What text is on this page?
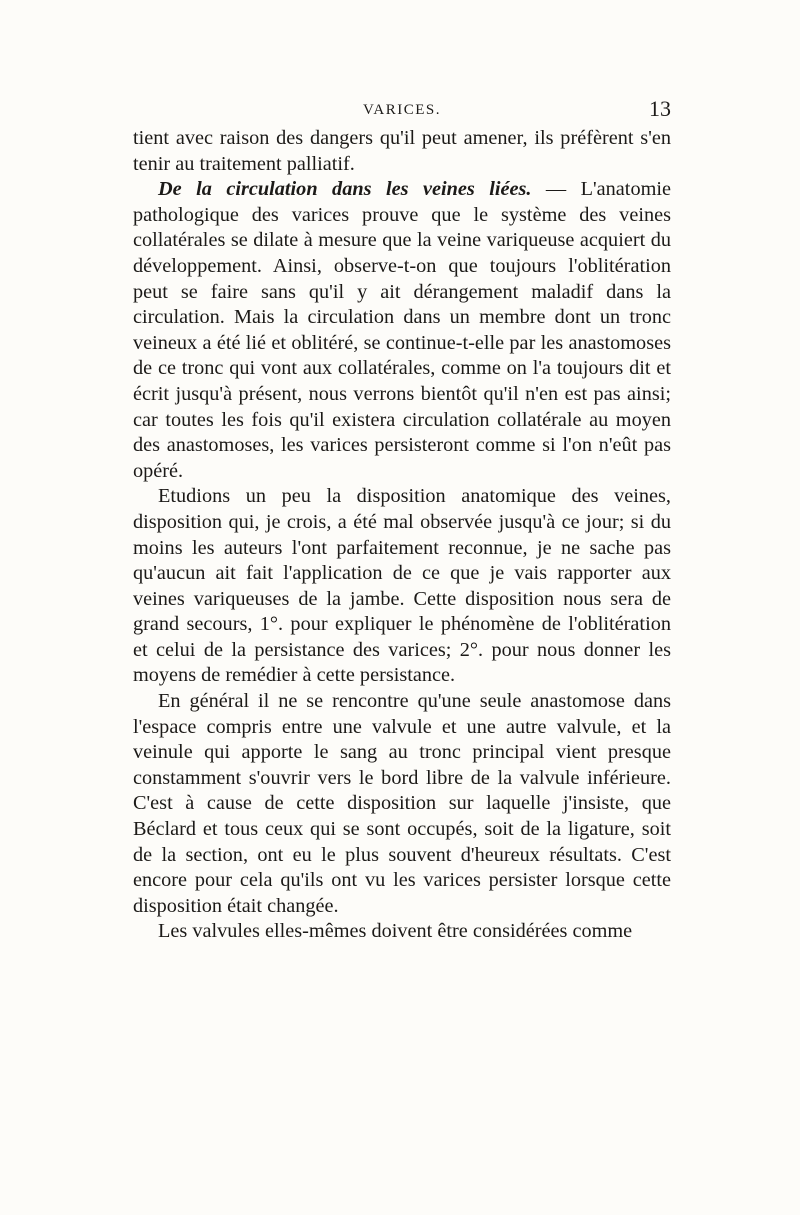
VARICES.	13

tient avec raison des dangers qu'il peut amener, ils préfèrent s'en tenir au traitement palliatif.

De la circulation dans les veines liées. — L'anatomie pathologique des varices prouve que le système des veines collatérales se dilate à mesure que la veine variqueuse acquiert du développement. Ainsi, observe-t-on que toujours l'oblitération peut se faire sans qu'il y ait dérangement maladif dans la circulation. Mais la circulation dans un membre dont un tronc veineux a été lié et oblitéré, se continue-t-elle par les anastomoses de ce tronc qui vont aux collatérales, comme on l'a toujours dit et écrit jusqu'à présent, nous verrons bientôt qu'il n'en est pas ainsi; car toutes les fois qu'il existera circulation collatérale au moyen des anastomoses, les varices persisteront comme si l'on n'eût pas opéré.

Etudions un peu la disposition anatomique des veines, disposition qui, je crois, a été mal observée jusqu'à ce jour; si du moins les auteurs l'ont parfaitement reconnue, je ne sache pas qu'aucun ait fait l'application de ce que je vais rapporter aux veines variqueuses de la jambe. Cette disposition nous sera de grand secours, 1°. pour expliquer le phénomène de l'oblitération et celui de la persistance des varices; 2°. pour nous donner les moyens de remédier à cette persistance.

En général il ne se rencontre qu'une seule anastomose dans l'espace compris entre une valvule et une autre valvule, et la veinule qui apporte le sang au tronc principal vient presque constamment s'ouvrir vers le bord libre de la valvule inférieure. C'est à cause de cette disposition sur laquelle j'insiste, que Béclard et tous ceux qui se sont occupés, soit de la ligature, soit de la section, ont eu le plus souvent d'heureux résultats. C'est encore pour cela qu'ils ont vu les varices persister lorsque cette disposition était changée.

Les valvules elles-mêmes doivent être considérées comme
